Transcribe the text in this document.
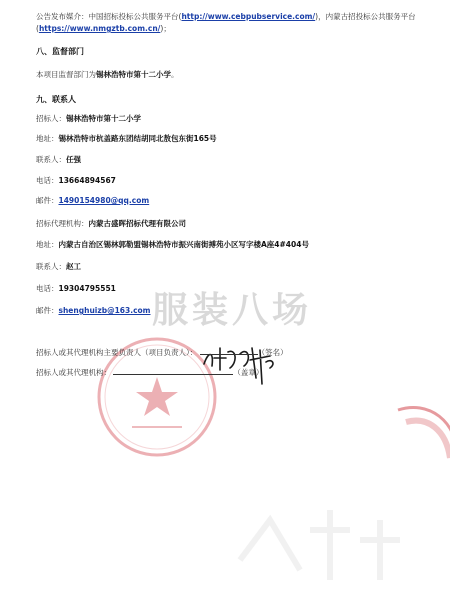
公告发布媒介：中国招标投标公共服务平台(http://www.cebpubservice.com/)，内蒙古招投标公共服务平台
(https://www.nmgztb.com.cn/)；
八、监督部门
本项目监督部门为锡林浩特市第十二小学。
九、联系人
招标人：锡林浩特市第十二小学
地址：锡林浩特市杭盖路东团结胡同北敖包东街165号
联系人：任强
电话：13664894567
邮件：1490154980@qq.com
招标代理机构：内蒙古盛晖招标代理有限公司
地址：内蒙古自治区锡林郭勒盟锡林浩特市振兴南街搏苑小区写字楼A座4#404号
联系人：赵工
电话：19304795551
邮件：shenghuizb@163.com 服装八场
招标人或其代理机构主要负责人（项目负责人）：	（签名）
招标人或其代理机构：	（盖章）
